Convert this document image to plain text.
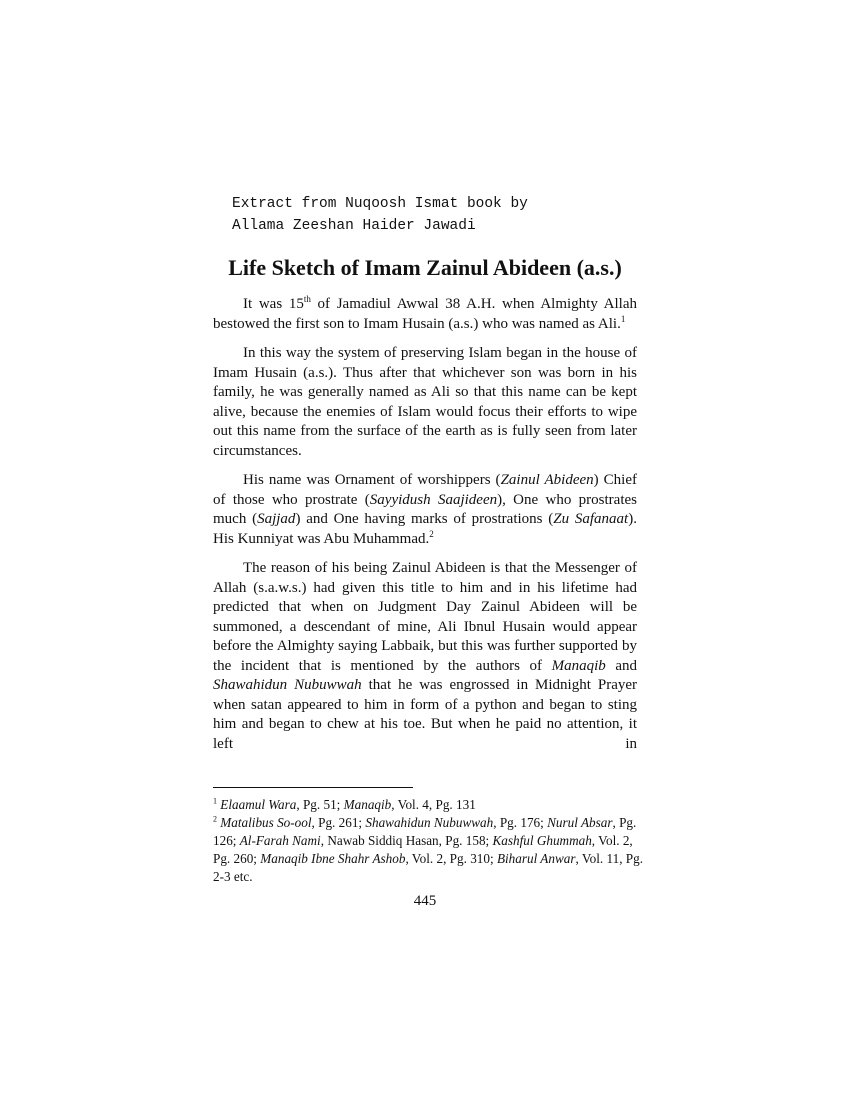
Extract from Nuqoosh Ismat book by
Allama Zeeshan Haider Jawadi
Life Sketch of Imam Zainul Abideen (a.s.)

It was 15th of Jamadiul Awwal 38 A.H. when Almighty Allah bestowed the first son to Imam Husain (a.s.) who was named as Ali.$^1$

In this way the system of preserving Islam began in the house of Imam Husain (a.s.). Thus after that whichever son was born in his family, he was generally named as Ali so that this name can be kept alive, because the enemies of Islam would focus their efforts to wipe out this name from the surface of the earth as is fully seen from later circumstances.

His name was Ornament of worshippers (Zainul Abideen) Chief of those who prostrate (Sayyidush Saajideen), One who prostrates much (Sajjad) and One having marks of prostrations (Zu Safanaat). His Kunniyat was Abu Muhammad.$^2$

The reason of his being Zainul Abideen is that the Messenger of Allah (s.a.w.s.) had given this title to him and in his lifetime had predicted that when on Judgment Day Zainul Abideen will be summoned, a descendant of mine, Ali Ibnul Husain would appear before the Almighty saying Labbaik, but this was further supported by the incident that is mentioned by the authors of Manaqib and Shawahidun Nubuwwah that he was engrossed in Midnight Prayer when satan appeared to him in form of a python and began to sting him and began to chew at his toe. But when he paid no attention, it left in

$^1$ Elaamul Wara, Pg. 51; Manaqib, Vol. 4, Pg. 131

$^2$ Matalibus So-ool, Pg. 261; Shawahidun Nubuwwah, Pg. 176; Nurul Absar, Pg. 126; Al-Farah Nami, Nawab Siddiq Hasan, Pg. 158; Kashful Ghummah, Vol. 2, Pg. 260; Manaqib Ibne Shahr Ashob, Vol. 2, Pg. 310; Biharul Anwar, Vol. 11, Pg. 2-3 etc.

445
